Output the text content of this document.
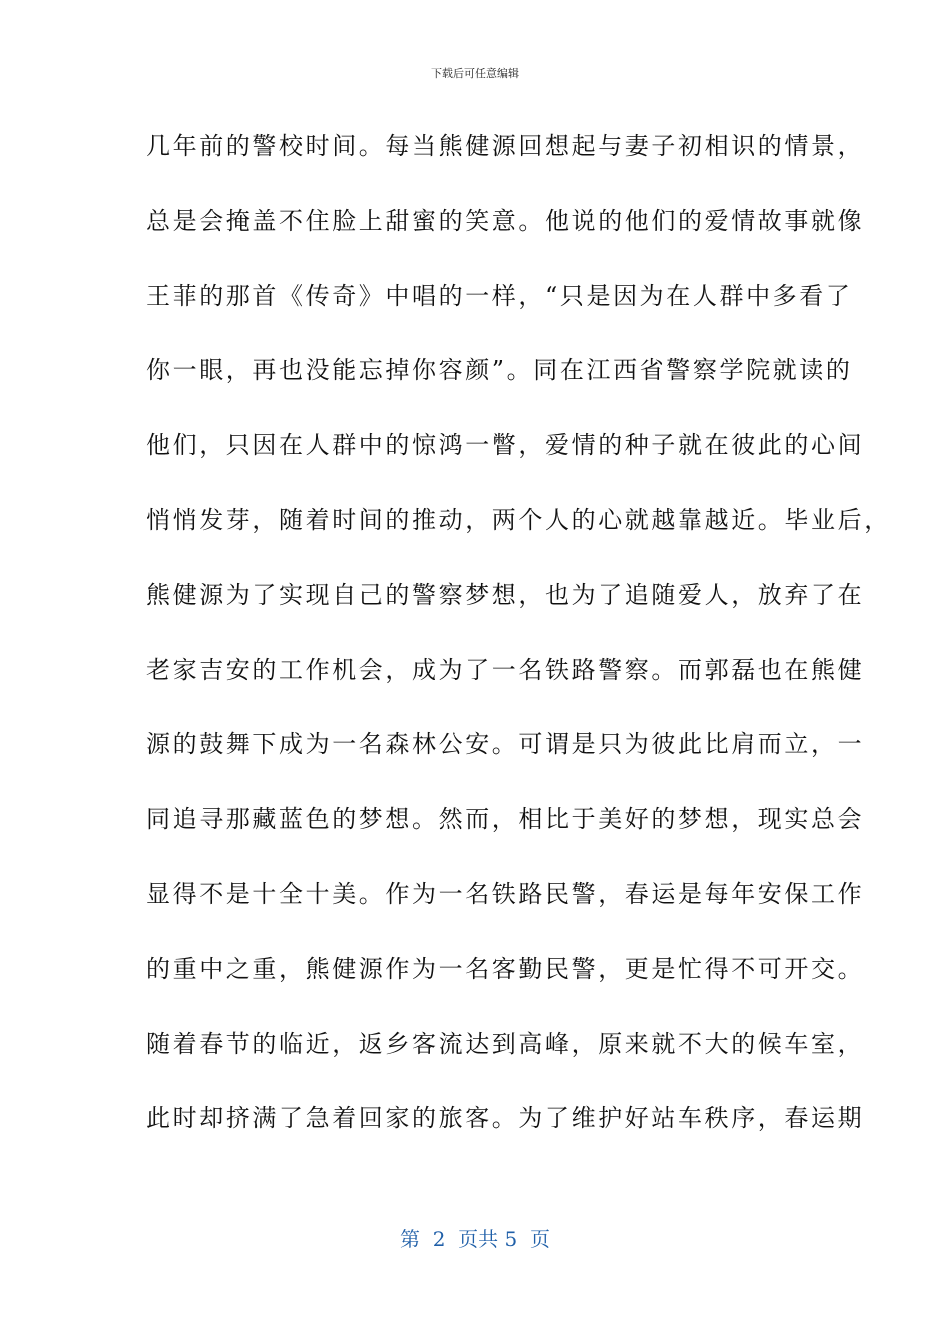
下载后可任意编辑
几年前的警校时间。每当熊健源回想起与妻子初相识的情景，
总是会掩盖不住脸上甜蜜的笑意。他说的他们的爱情故事就像
王菲的那首《传奇》中唱的一样，“只是因为在人群中多看了
你一眼，再也没能忘掉你容颜”。同在江西省警察学院就读的
他们，只因在人群中的惊鸿一瞥，爱情的种子就在彼此的心间
悄悄发芽，随着时间的推动，两个人的心就越靠越近。毕业后，
熊健源为了实现自己的警察梦想，也为了追随爱人，放弃了在
老家吉安的工作机会，成为了一名铁路警察。而郭磊也在熊健
源的鼓舞下成为一名森林公安。可谓是只为彼此比肩而立，一
同追寻那藏蓝色的梦想。然而，相比于美好的梦想，现实总会
显得不是十全十美。作为一名铁路民警，春运是每年安保工作
的重中之重，熊健源作为一名客勤民警，更是忙得不可开交。
随着春节的临近，返乡客流达到高峰，原来就不大的候车室，
此时却挤满了急着回家的旅客。为了维护好站车秩序，春运期
第  2  页共 5  页
